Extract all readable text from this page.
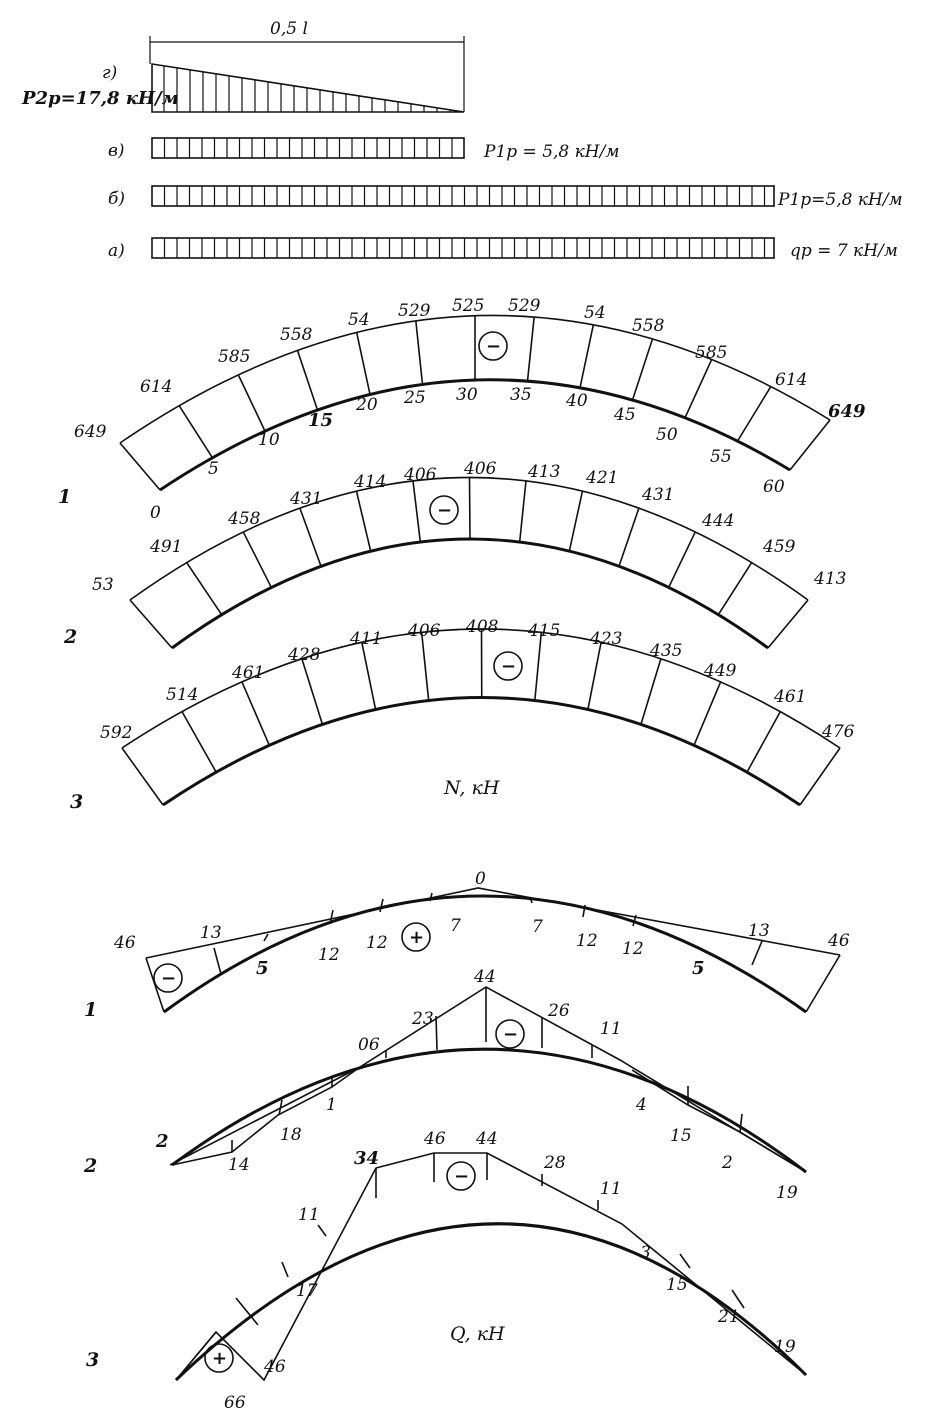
0,5 l
г)
P2p=17,8 кН/м
в)	P1p = 5,8 кН/м
б)	P1p=5,8 кН/м
а)	qp = 7 кН/м
−
1
649
614
585
558
54 529 525 529	54
558
585
614
649
0
5
10
15
20 25 30 35 40
45
50
55
60
−
2
53
491
458
431
414 406 406 413 421
431
444
459
413
−
3
N, кН
592
514
461
428
411 406 408 415 423
435
449
461
476
−
+
1
46	13
5
12
12
7
0
7
12 12
5
13	46
−
2
2
14
18
1
06
23
44
26
11
4
15
2
19
+
−
3
Q, кН
66
46
17
11
34
46 44
28
11
3
15
21
19
